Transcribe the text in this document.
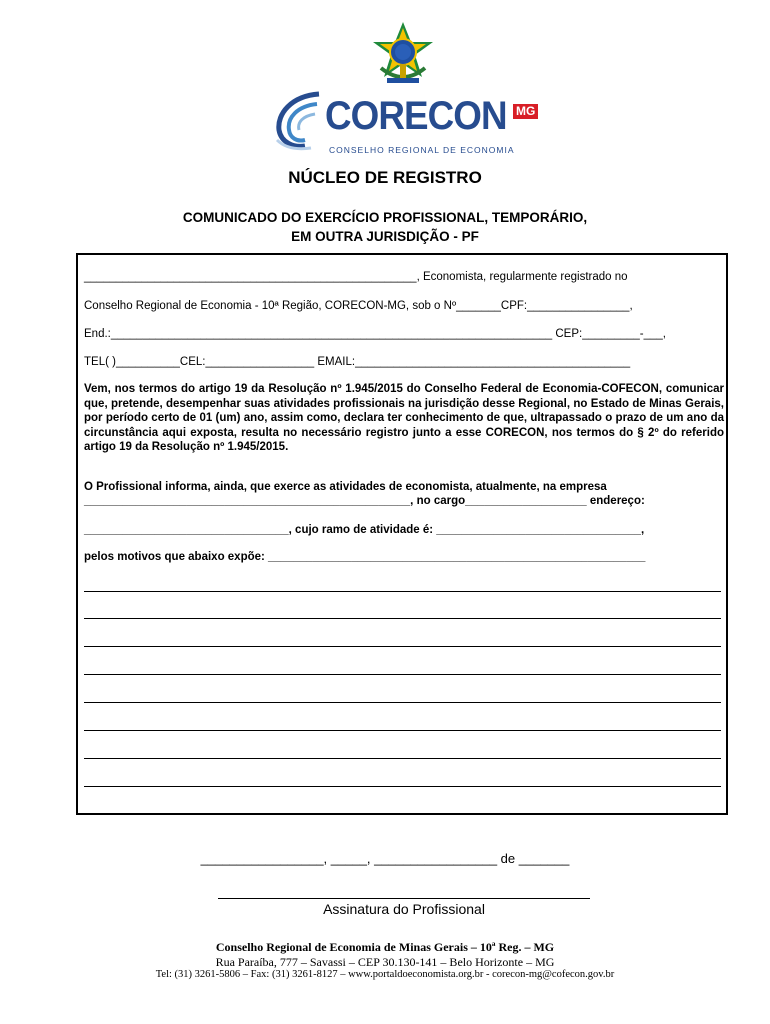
CORECON MG
CONSELHO REGIONAL DE ECONOMIA
NÚCLEO DE REGISTRO
COMUNICADO DO EXERCÍCIO PROFISSIONAL, TEMPORÁRIO,
EM OUTRA JURISDIÇÃO - PF
____________________________________________________, Economista, regularmente registrado no
Conselho Regional de Economia - 10ª Região, CORECON-MG, sob o Nº_______CPF:________________,
End.:_____________________________________________________________________ CEP:_________-___,
TEL( )__________CEL:_________________ EMAIL:___________________________________________
Vem, nos termos do artigo 19 da Resolução nº 1.945/2015 do Conselho Federal de Economia-COFECON, comunicar que, pretende, desempenhar suas atividades profissionais na jurisdição desse Regional, no Estado de Minas Gerais, por período certo de 01 (um) ano, assim como, declara ter conhecimento de que, ultrapassado o prazo de um ano da circunstância aqui exposta, resulta no necessário registro junto a esse CORECON, nos termos do § 2º do referido artigo 19 da Resolução nº 1.945/2015.
O Profissional informa, ainda, que exerce as atividades de economista, atualmente, na empresa
___________________________________________________, no cargo___________________ endereço:
________________________________, cujo ramo de atividade é: ________________________________,
pelos motivos que abaixo expõe: ___________________________________________________________
_________________, _____, _________________ de _______
Assinatura do Profissional
Conselho Regional de Economia de Minas Gerais – 10ª Reg. – MG
Rua Paraíba, 777 – Savassi – CEP 30.130-141 – Belo Horizonte – MG
Tel: (31) 3261-5806 – Fax: (31) 3261-8127 – www.portaldoeconomista.org.br - corecon-mg@cofecon.gov.br
